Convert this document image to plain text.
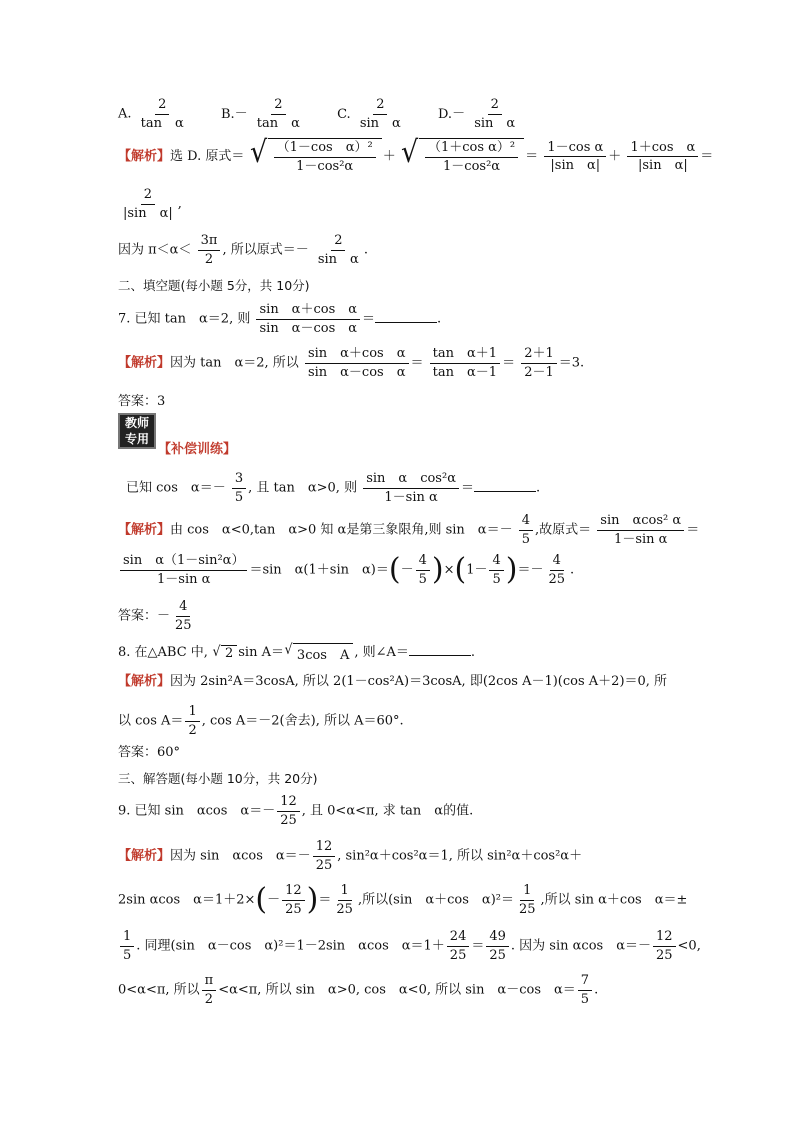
A. $\frac{2}{\text{tan　α}}$	$B.- \frac{2}{\text{tan　α}}$	C. $\frac{2}{\text{sin　α}}$	$D.- \frac{2}{\text{sin　α}}$
【解析】选 D. 原式＝ √ $\frac{\text{（1－cos　α）²}}{\text{1－cos²α}}$ ＋ √ $\frac{\text{（1＋cos α）²}}{\text{1－cos²α}} = \frac{\text{1－cos α}}{\text{|sin　α|}} + \frac{\text{1＋cos　α}}{\text{|sin　α|}}$ ＝
$\frac{2}{\text{|sin　α|}}$ ,
因为 $\pi<\alpha< \frac{3\pi}{2}$ , 所以原式＝－ $\frac{2}{\text{sin　α}}$ .
二、填空题(每小题 5分，共 10分)
7. 已知 tan　α＝2, 则 $\frac{\text{sin　α＋cos　α}}{\text{sin　α－cos　α}}$ ＝	.
【解析】因为 tan　α＝2, 所以 $\frac{\text{sin　α＋cos　α}}{\text{sin　α－cos　α}} = \frac{\text{tan　α＋1}}{\text{tan　α－1}} = \frac{2+1}{2-1} =3$.
答案：3
教师
专用
【补偿训练】
已知 cos　$\alpha=- \frac{3}{5}$ , 且 tan　α>0, 则 $\frac{\text{sin　α　cos²α}}{\text{1－sin α}}$ ＝	.
【解析】由 cos　α<0,tan　α>0 知 α是第三象限角,则 sin　$\alpha=- \frac{4}{5}$ ,故原式＝ $\frac{\text{sin　αcos² α}}{\text{1－sin α}}$ ＝
$\frac{\text{sin　α（1－sin²α）}}{\text{1－sin α}} =\sin$　α(1＋sin　$\alpha)=(- \frac{4}{5} )\times(1- \frac{4}{5}$ )＝－ $\frac{4}{25}$ .
答案：－ $\frac{4}{25}$
8. 在△ABC 中, √ 2 sin A＝ √ 3cos　A , 则∠A＝	.
【解析】因为 2sin²A＝3cosA, 所以 2(1－cos²A)＝3cosA, 即(2cos A－1)(cos A＋2)＝0, 所
以 $\cos A= \frac{1}{2}$ , cos A＝－2(舍去), 所以 A＝60°.
答案：60°
三、解答题(每小题 10分，共 20分)
9. 已知 sin　αcos　$\alpha=- \frac{12}{25}$ , 且 0<α<π, 求 tan　α的值.
【解析】因为 sin　αcos　$\alpha=- \frac{12}{25}$ , sin²α＋cos²α＝1, 所以 sin²α＋cos²α＋
2sin αcos　$\alpha=1+2\times(- \frac{12}{25}$ )＝ $\frac{1}{25}$ ,所以(sin　α＋cos　$\alpha)^2= \frac{1}{25}$ ,所以 sin α＋cos　α＝±
$\frac{1}{5}$ . 同理(sin　α－cos　α)²＝1－2sin　αcos　$\alpha=1+ \frac{24}{25} = \frac{49}{25}$ . 因为 sin αcos　$\alpha=- \frac{12}{25} <0$,
0<α<π, 所以 $\frac{\pi}{2} <\alpha<\pi$, 所以 sin　α>0, cos　α<0, 所以 sin　α－cos　$\alpha= \frac{7}{5}$ .
